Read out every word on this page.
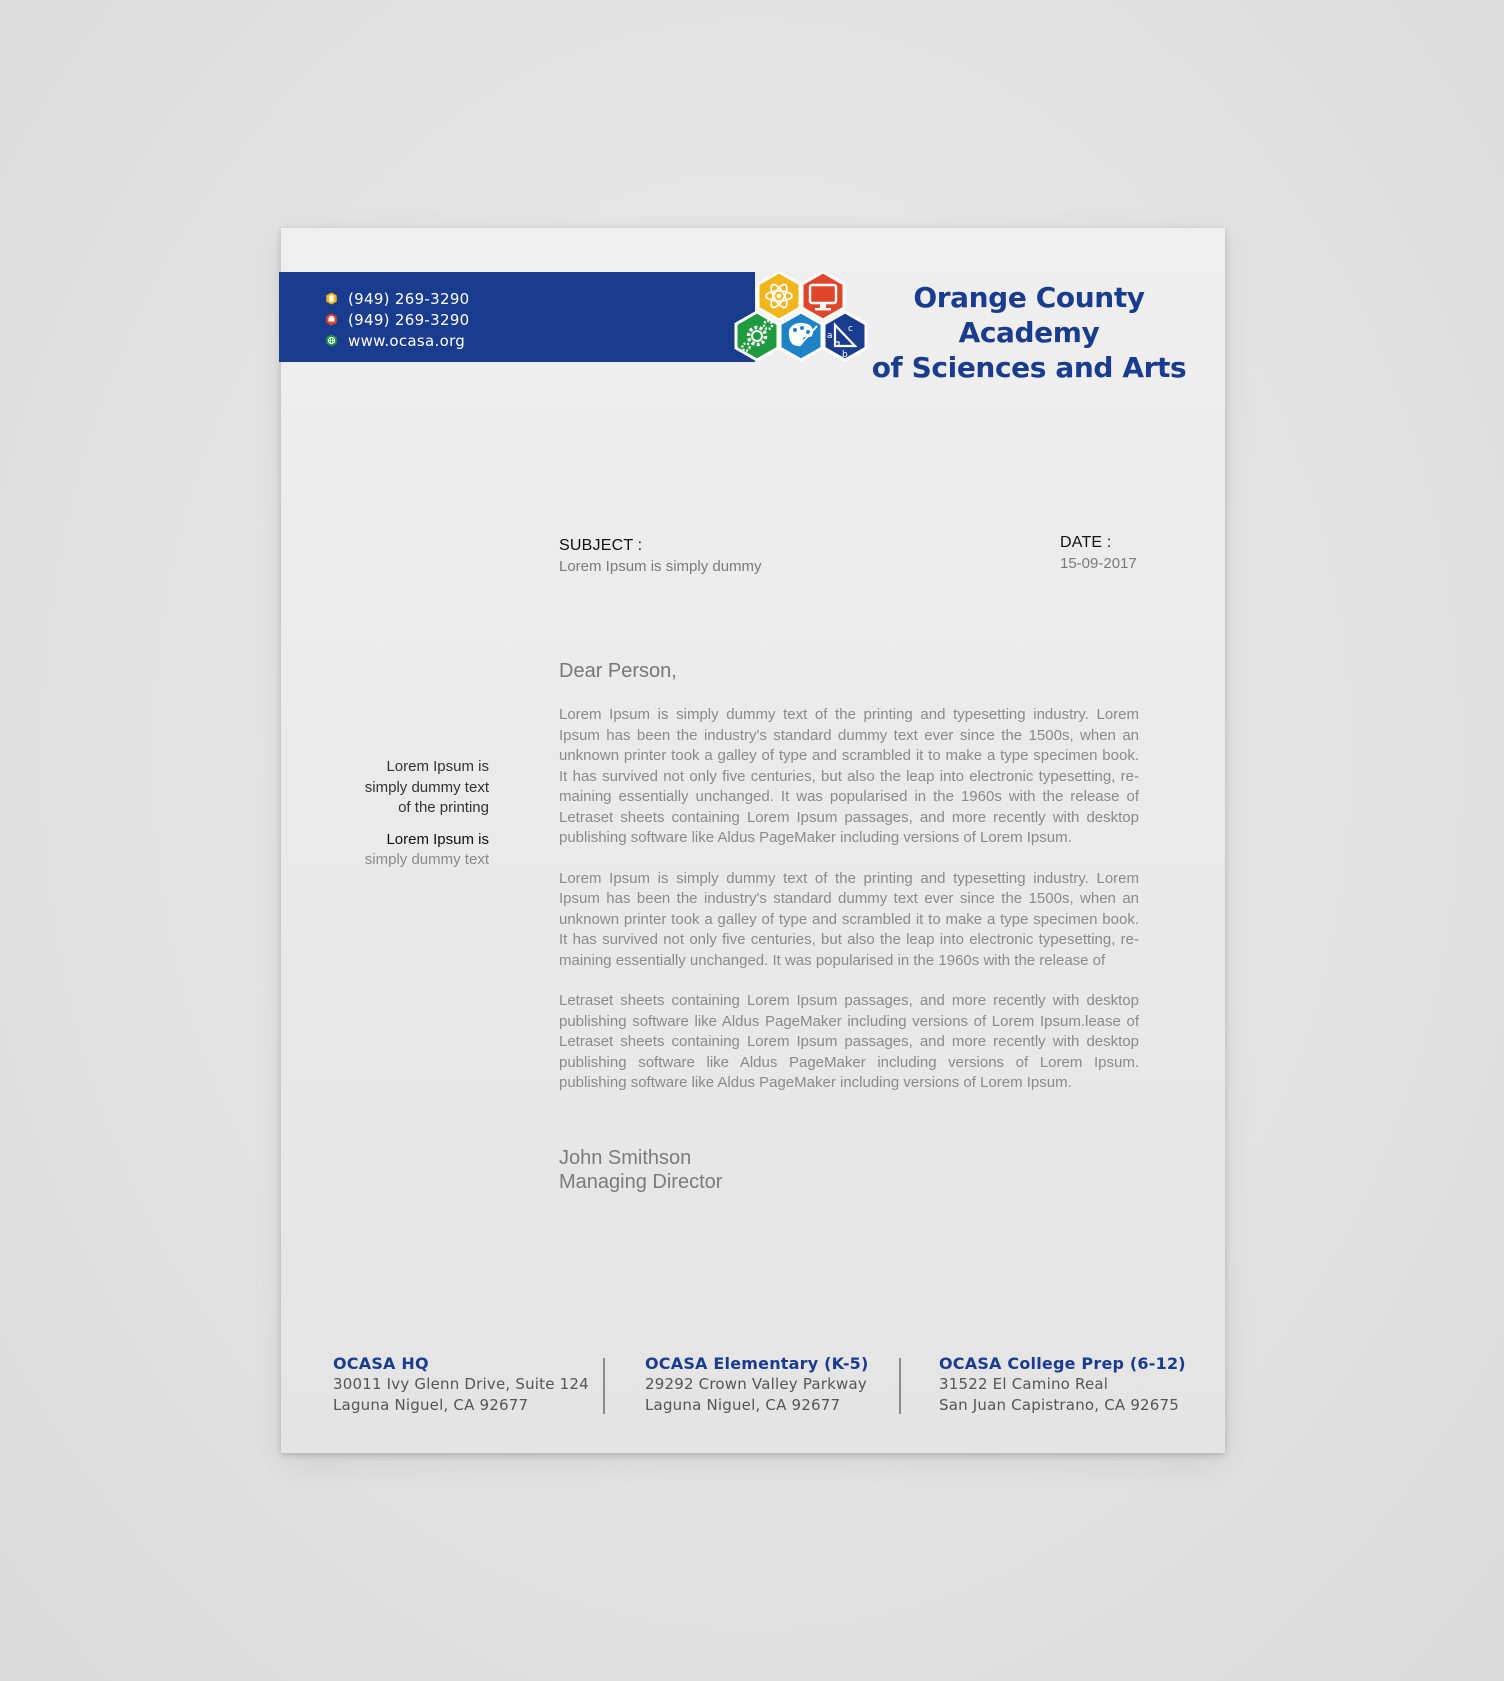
(949) 269-3290
(949) 269-3290
www.ocasa.org	a
b
c
Orange County Academy
of Sciences and Arts
SUBJECT :
Lorem Ipsum is simply dummy
DATE :
15-09-2017

Lorem Ipsum is

simply dummy text

of the printing

Lorem Ipsum is

simply dummy text

Dear Person,

Lorem Ipsum is simply dummy text of the printing and typesetting industry. Lorem Ipsum has been the industry's standard dummy text ever since the 1500s, when an unknown printer took a galley of type and scrambled it to make a type specimen book. It has survived not only five centuries, but also the leap into electronic typesetting, re- maining essentially unchanged. It was popularised in the 1960s with the release of Letraset sheets containing Lorem Ipsum passages, and more recently with desktop publishing software like Aldus PageMaker including versions of Lorem Ipsum.

Lorem Ipsum is simply dummy text of the printing and typesetting industry. Lorem Ipsum has been the industry's standard dummy text ever since the 1500s, when an unknown printer took a galley of type and scrambled it to make a type specimen book. It has survived not only five centuries, but also the leap into electronic typesetting, re- maining essentially unchanged. It was popularised in the 1960s with the release of

Letraset sheets containing Lorem Ipsum passages, and more recently with desktop publishing software like Aldus PageMaker including versions of Lorem Ipsum.lease of Letraset sheets containing Lorem Ipsum passages, and more recently with desktop publishing software like Aldus PageMaker including versions of Lorem Ipsum. publishing software like Aldus PageMaker including versions of Lorem Ipsum.

John Smithson
Managing Director
OCASA HQ
30011 Ivy Glenn Drive, Suite 124
Laguna Niguel, CA 92677
OCASA Elementary (K-5)
29292 Crown Valley Parkway
Laguna Niguel, CA 92677
OCASA College Prep (6-12)
31522 El Camino Real
San Juan Capistrano, CA 92675
